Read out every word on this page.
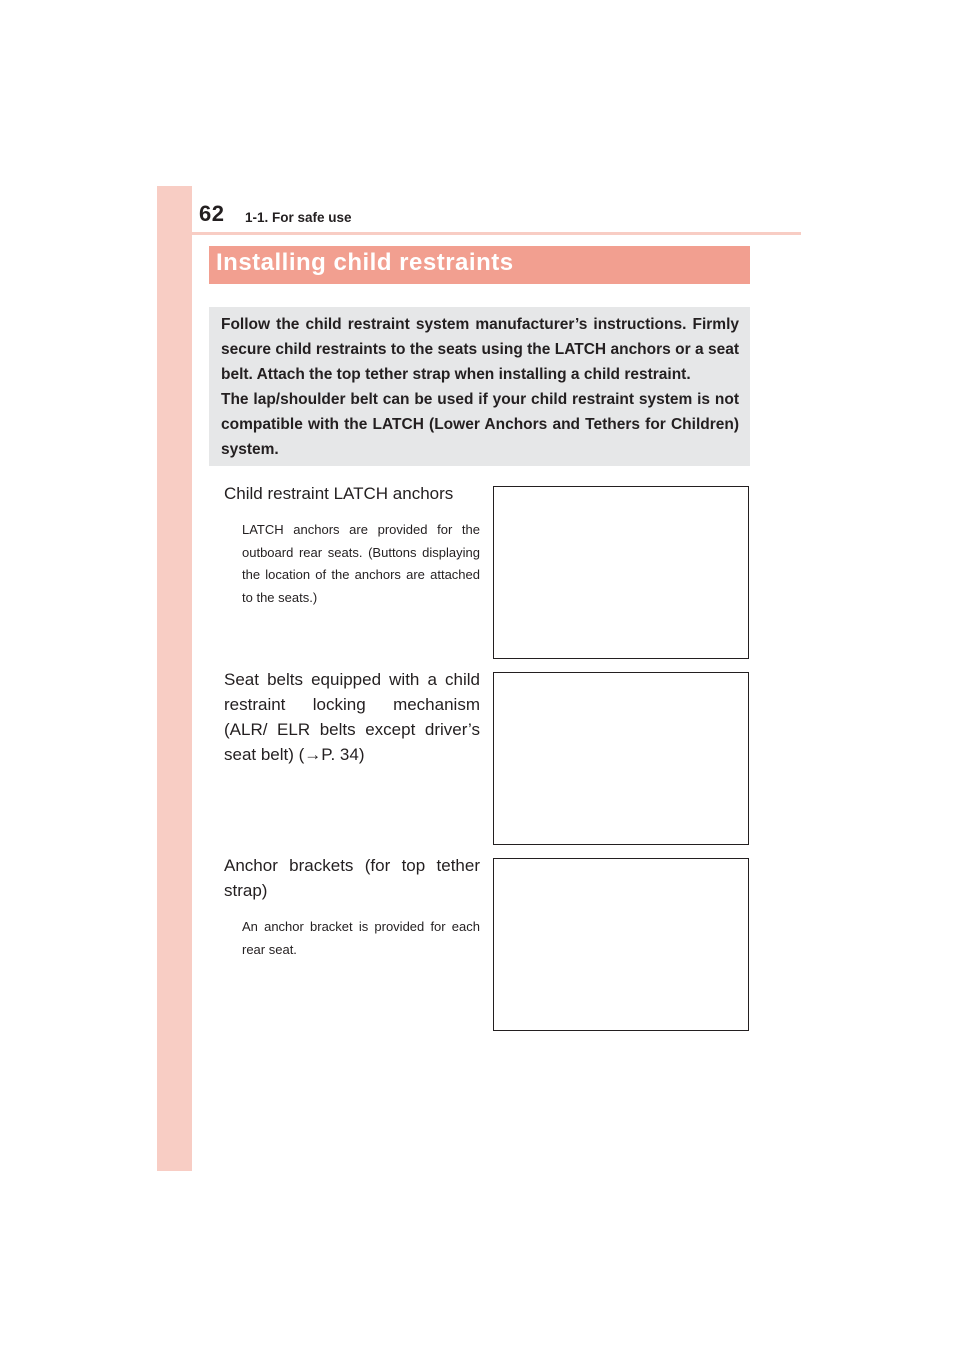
62 1-1. For safe use
Installing child restraints

Follow the child restraint system manufacturer’s instructions. Firmly secure child restraints to the seats using the LATCH anchors or a seat belt. Attach the top tether strap when installing a child restraint.

The lap/shoulder belt can be used if your child restraint system is not compatible with the LATCH (Lower Anchors and Tethers for Children) system.

Child restraint LATCH anchors

LATCH anchors are provided for the outboard rear seats. (Buttons displaying the location of the anchors are attached to the seats.)

Seat belts equipped with a child restraint locking mechanism (ALR/ ELR belts except driver’s seat belt) (→P. 34)

Anchor brackets (for top tether strap)

An anchor bracket is provided for each rear seat.
